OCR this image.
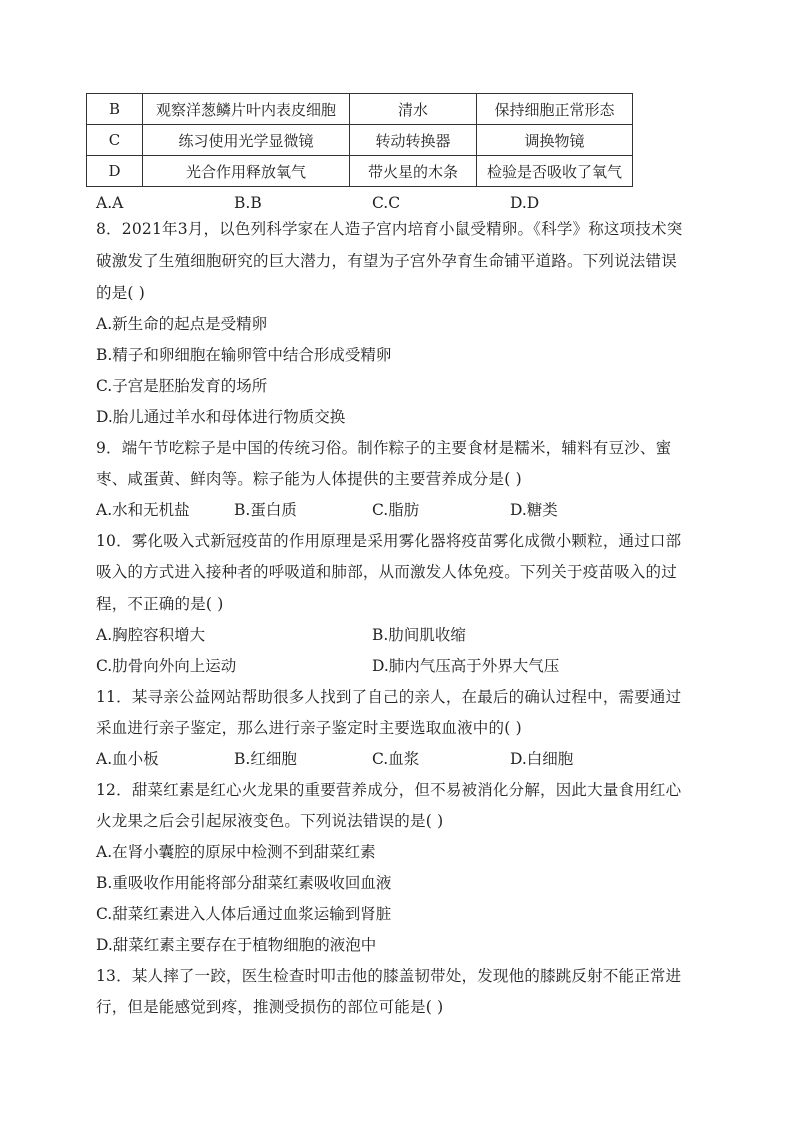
B	观察洋葱鳞片叶内表皮细胞	清水	保持细胞正常形态
C	练习使用光学显微镜	转动转换器	调换物镜
D	光合作用释放氧气	带火星的木条	检验是否吸收了氧气
A.A	B.B	C.C	D.D
8．2021年3月，以色列科学家在人造子宫内培育小鼠受精卵。《科学》称这项技术突
破激发了生殖细胞研究的巨大潜力，有望为子宫外孕育生命铺平道路。下列说法错误
的是( )
A.新生命的起点是受精卵
B.精子和卵细胞在输卵管中结合形成受精卵
C.子宫是胚胎发育的场所
D.胎儿通过羊水和母体进行物质交换
9．端午节吃粽子是中国的传统习俗。制作粽子的主要食材是糯米，辅料有豆沙、蜜
枣、咸蛋黄、鲜肉等。粽子能为人体提供的主要营养成分是( )
A.水和无机盐	B.蛋白质	C.脂肪	D.糖类
10．雾化吸入式新冠疫苗的作用原理是采用雾化器将疫苗雾化成微小颗粒，通过口部
吸入的方式进入接种者的呼吸道和肺部，从而激发人体免疫。下列关于疫苗吸入的过
程，不正确的是( )
A.胸腔容积增大	B.肋间肌收缩
C.肋骨向外向上运动	D.肺内气压高于外界大气压
11．某寻亲公益网站帮助很多人找到了自己的亲人，在最后的确认过程中，需要通过
采血进行亲子鉴定，那么进行亲子鉴定时主要选取血液中的( )
A.血小板	B.红细胞	C.血浆	D.白细胞
12．甜菜红素是红心火龙果的重要营养成分，但不易被消化分解，因此大量食用红心
火龙果之后会引起尿液变色。下列说法错误的是( )
A.在肾小囊腔的原尿中检测不到甜菜红素
B.重吸收作用能将部分甜菜红素吸收回血液
C.甜菜红素进入人体后通过血浆运输到肾脏
D.甜菜红素主要存在于植物细胞的液泡中
13．某人摔了一跤，医生检查时叩击他的膝盖韧带处，发现他的膝跳反射不能正常进
行，但是能感觉到疼，推测受损伤的部位可能是( )
